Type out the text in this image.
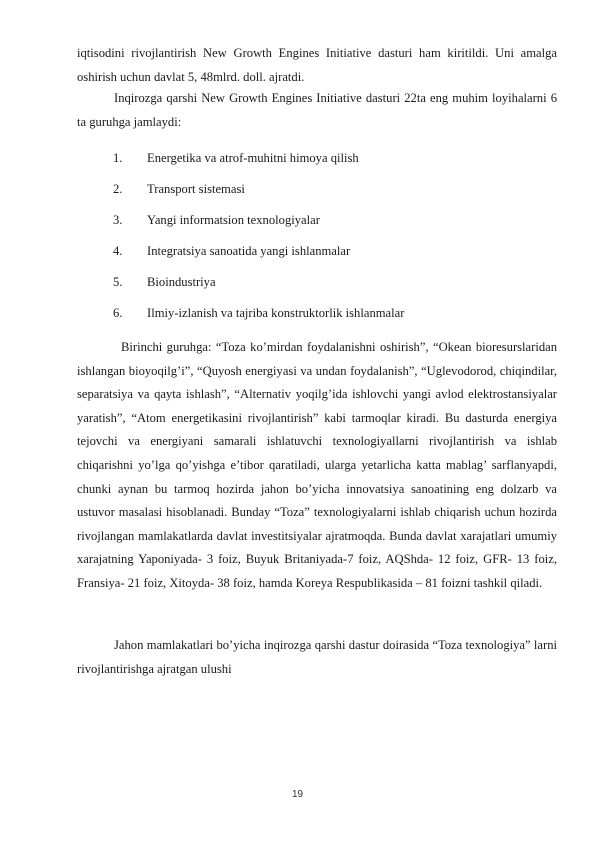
iqtisodini rivojlantirish New Growth Engines Initiative dasturi ham kiritildi. Uni amalga oshirish uchun davlat 5, 48mlrd. doll. ajratdi.

Inqirozga qarshi New Growth Engines Initiative dasturi 22ta eng muhim loyihalarni 6 ta guruhga jamlaydi:

1. Energetika va atrof-muhitni himoya qilish
2. Transport sistemasi
3. Yangi informatsion texnologiyalar
4. Integratsiya sanoatida yangi ishlanmalar
5. Bioindustriya
6. Ilmiy-izlanish va tajriba konstruktorlik ishlanmalar

Birinchi guruhga: “Toza ko’mirdan foydalanishni oshirish”, “Okean bioresurslaridan ishlangan bioyoqilg’i”, “Quyosh energiyasi va undan foydalanish”, “Uglevodorod, chiqindilar, separatsiya va qayta ishlash”, “Alternativ yoqilg’ida ishlovchi yangi avlod elektrostansiyalar yaratish”, “Atom energetikasini rivojlantirish” kabi tarmoqlar kiradi. Bu dasturda energiya tejovchi va energiyani samarali ishlatuvchi texnologiyallarni rivojlantirish va ishlab chiqarishni yo’lga qo’yishga e’tibor qaratiladi, ularga yetarlicha katta mablag’ sarflanyapdi, chunki aynan bu tarmoq hozirda jahon bo’yicha innovatsiya sanoatining eng dolzarb va ustuvor masalasi hisoblanadi. Bunday “Toza” texnologiyalarni ishlab chiqarish uchun hozirda rivojlangan mamlakatlarda davlat investitsiyalar ajratmoqda. Bunda davlat xarajatlari umumiy xarajatning Yaponiyada- 3 foiz, Buyuk Britaniyada-7 foiz, AQShda- 12 foiz, GFR- 13 foiz, Fransiya- 21 foiz, Xitoyda- 38 foiz, hamda Koreya Respublikasida – 81 foizni tashkil qiladi.

Jahon mamlakatlari bo’yicha inqirozga qarshi dastur doirasida “Toza texnologiya” larni rivojlantirishga ajratgan ulushi

19
